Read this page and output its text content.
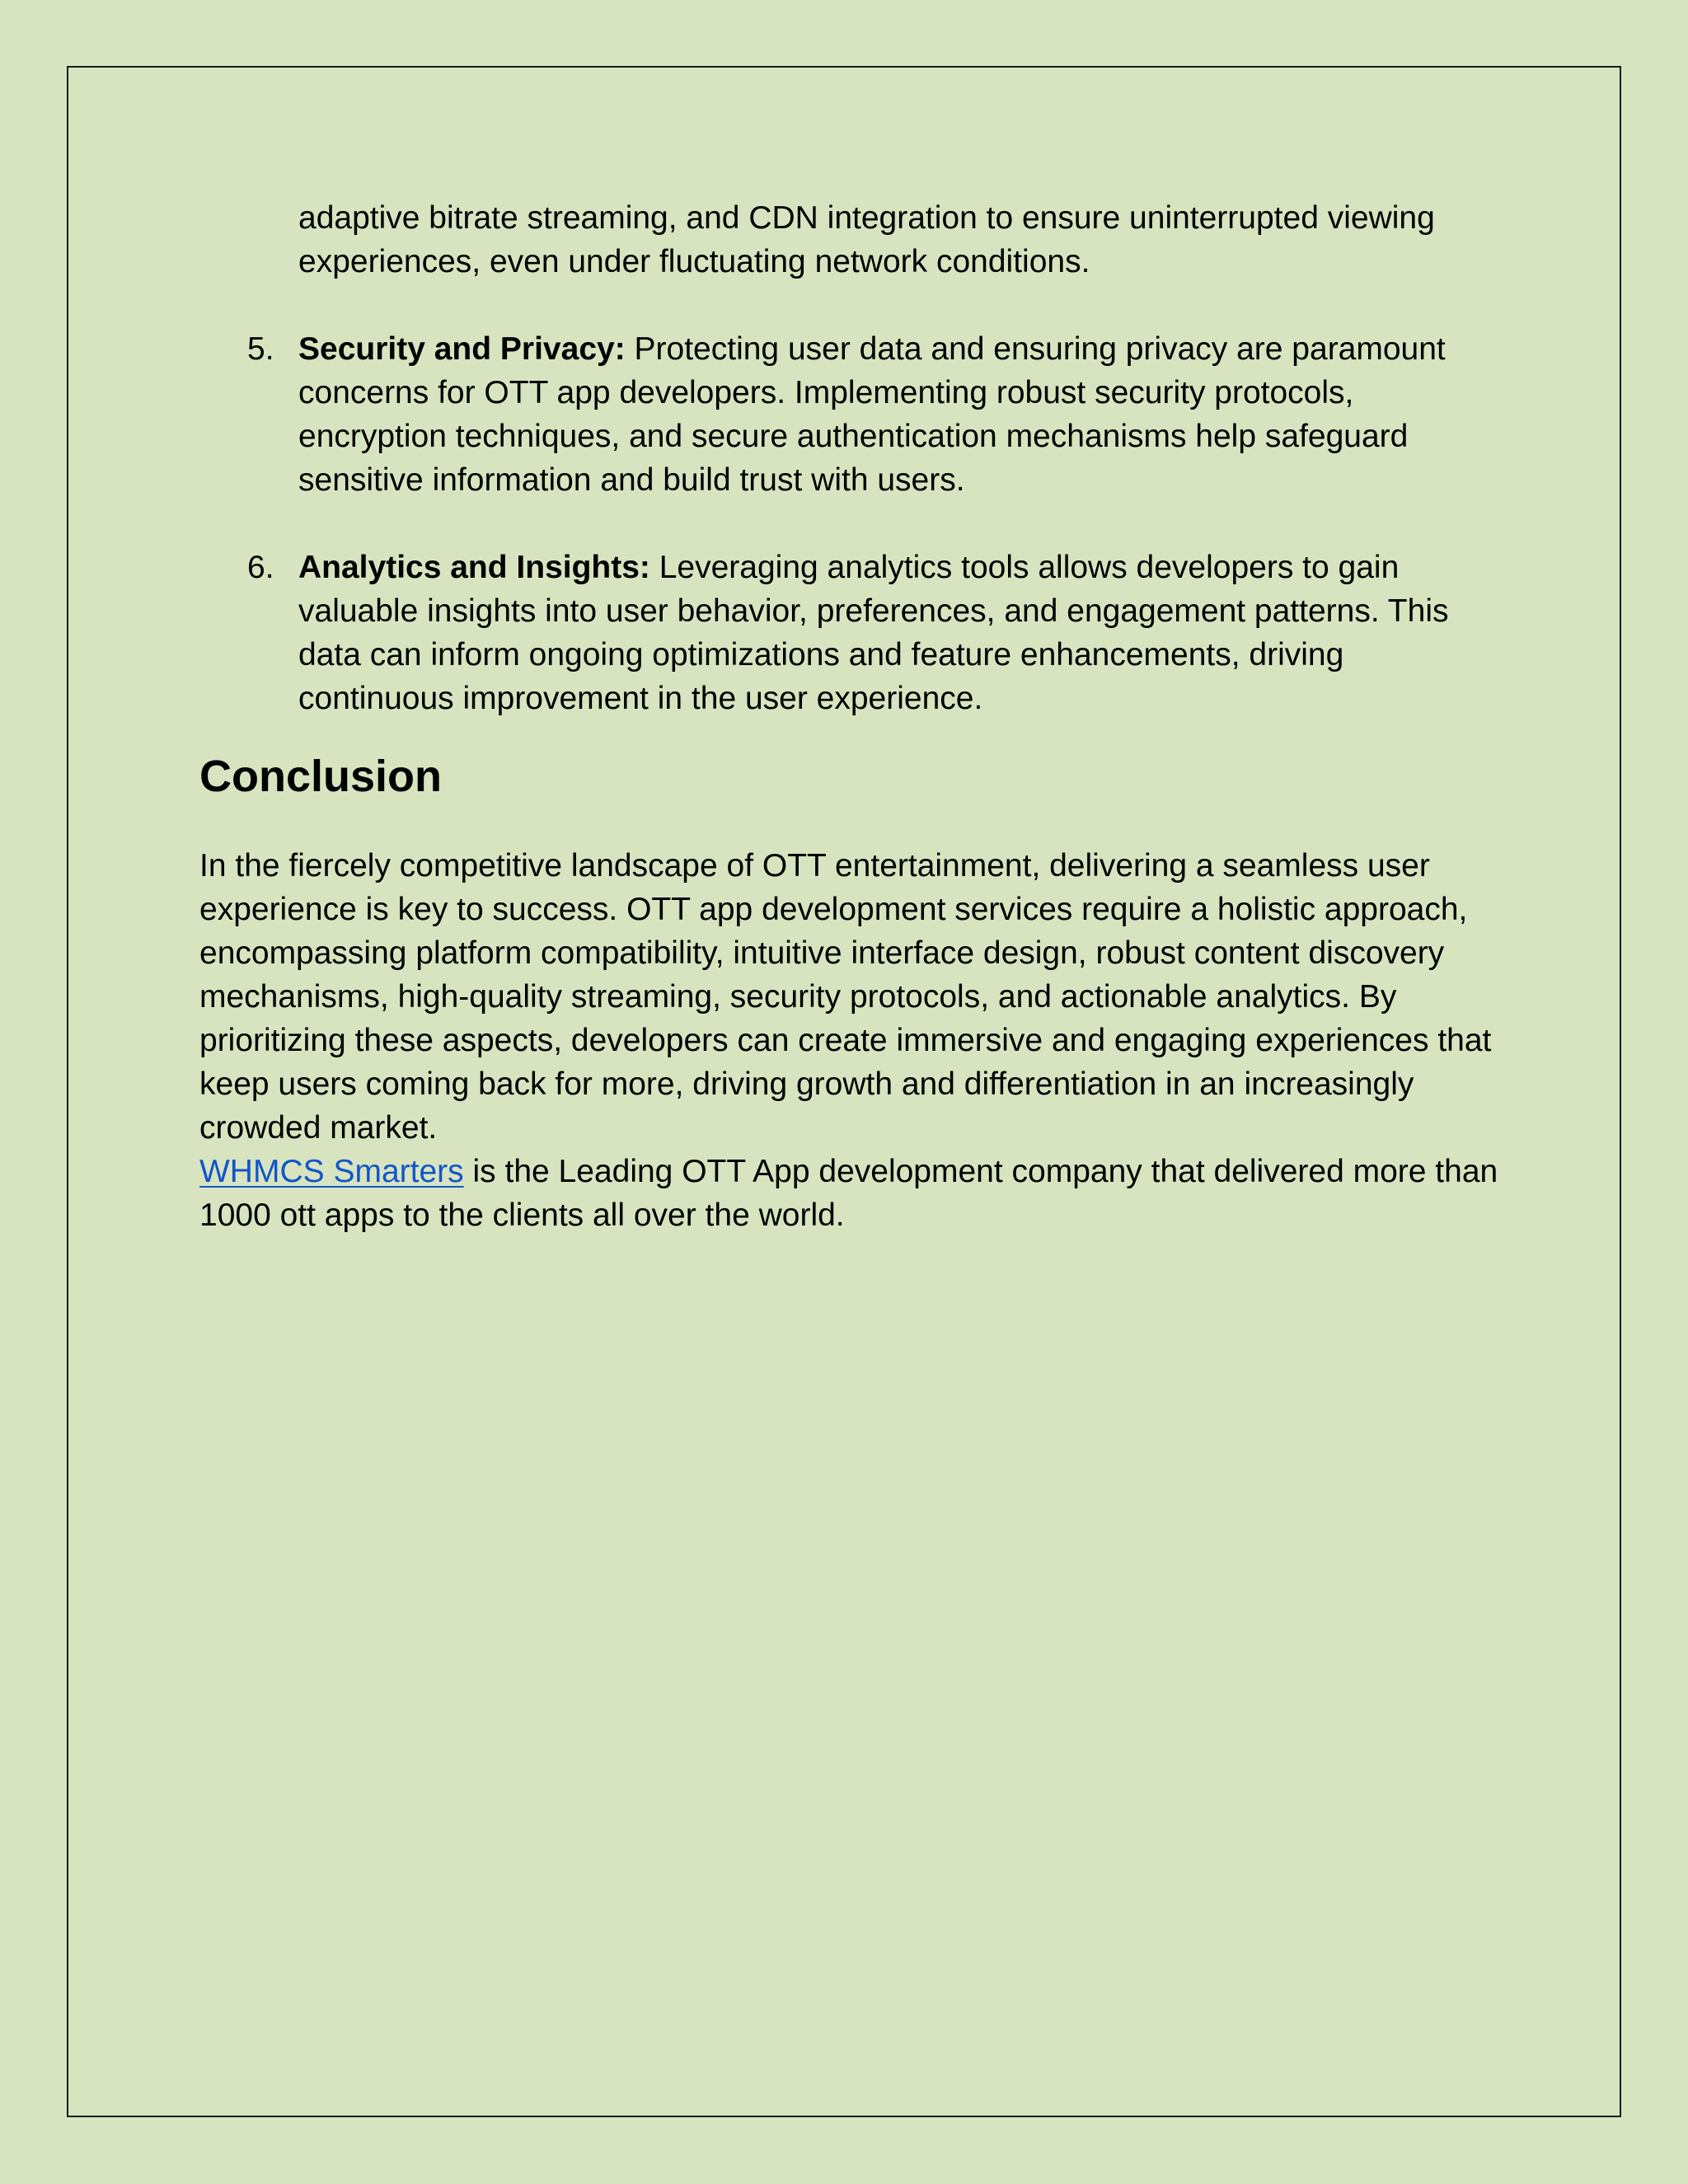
adaptive bitrate streaming, and CDN integration to ensure uninterrupted viewing experiences, even under fluctuating network conditions.

5. Security and Privacy: Protecting user data and ensuring privacy are paramount concerns for OTT app developers. Implementing robust security protocols, encryption techniques, and secure authentication mechanisms help safeguard sensitive information and build trust with users.
6. Analytics and Insights: Leveraging analytics tools allows developers to gain valuable insights into user behavior, preferences, and engagement patterns. This data can inform ongoing optimizations and feature enhancements, driving continuous improvement in the user experience.
Conclusion

In the fiercely competitive landscape of OTT entertainment, delivering a seamless user experience is key to success. OTT app development services require a holistic approach, encompassing platform compatibility, intuitive interface design, robust content discovery mechanisms, high-quality streaming, security protocols, and actionable analytics. By prioritizing these aspects, developers can create immersive and engaging experiences that keep users coming back for more, driving growth and differentiation in an increasingly crowded market.

WHMCS Smarters is the Leading OTT App development company that delivered more than 1000 ott apps to the clients all over the world.
